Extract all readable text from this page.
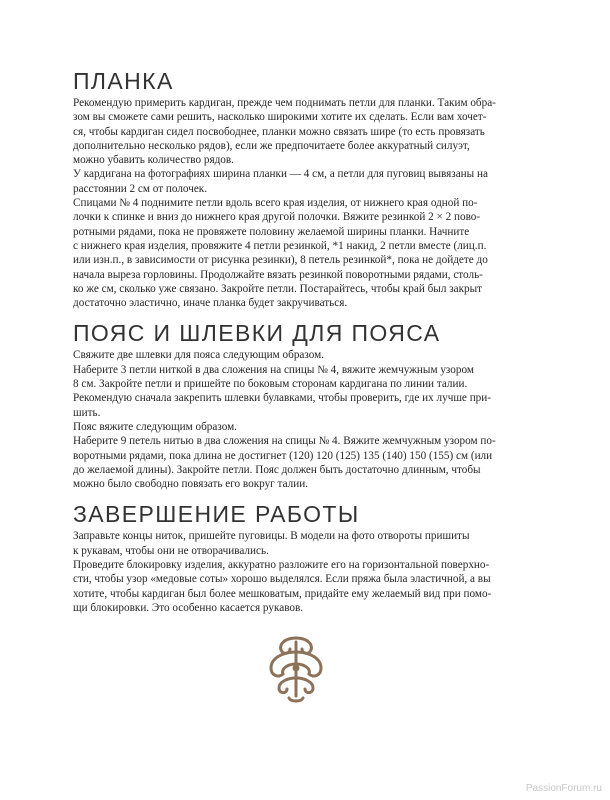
ПЛАНКА
Рекомендую примерить кардиган, прежде чем поднимать петли для планки. Таким обра-
зом вы сможете сами решить, насколько широкими хотите их сделать. Если вам хочет-
ся, чтобы кардиган сидел посвободнее, планки можно связать шире (то есть провязать
дополнительно несколько рядов), если же предпочитаете более аккуратный силуэт,
можно убавить количество рядов.
У кардигана на фотографиях ширина планки — 4 см, а петли для пуговиц вывязаны на
расстоянии 2 см от полочек.
Спицами № 4 поднимите петли вдоль всего края изделия, от нижнего края одной по-
лочки к спинке и вниз до нижнего края другой полочки. Вяжите резинкой 2 × 2 пово-
ротными рядами, пока не провяжете половину желаемой ширины планки. Начните
с нижнего края изделия, провяжите 4 петли резинкой, *1 накид, 2 петли вместе (лиц.п.
или изн.п., в зависимости от рисунка резинки), 8 петель резинкой*, пока не дойдете до
начала выреза горловины. Продолжайте вязать резинкой поворотными рядами, столь-
ко же см, сколько уже связано. Закройте петли. Постарайтесь, чтобы край был закрыт
достаточно эластично, иначе планка будет закручиваться.
ПОЯС И ШЛЕВКИ ДЛЯ ПОЯСА
Свяжите две шлевки для пояса следующим образом.
Наберите 3 петли ниткой в два сложения на спицы № 4, вяжите жемчужным узором
8 см. Закройте петли и пришейте по боковым сторонам кардигана по линии талии.
Рекомендую сначала закрепить шлевки булавками, чтобы проверить, где их лучше при-
шить.
Пояс вяжите следующим образом.
Наберите 9 петель нитью в два сложения на спицы № 4. Вяжите жемчужным узором по-
воротными рядами, пока длина не достигнет (120) 120 (125) 135 (140) 150 (155) см (или
до желаемой длины). Закройте петли. Пояс должен быть достаточно длинным, чтобы
можно было свободно повязать его вокруг талии.
ЗАВЕРШЕНИЕ РАБОТЫ
Заправьте концы ниток, пришейте пуговицы. В модели на фото отвороты пришиты
к рукавам, чтобы они не отворачивались.
Проведите блокировку изделия, аккуратно разложите его на горизонтальной поверхно-
сти, чтобы узор «медовые соты» хорошо выделялся. Если пряжа была эластичной, а вы
хотите, чтобы кардиган был более мешковатым, придайте ему желаемый вид при помо-
щи блокировки. Это особенно касается рукавов.
PassionForum.ru
